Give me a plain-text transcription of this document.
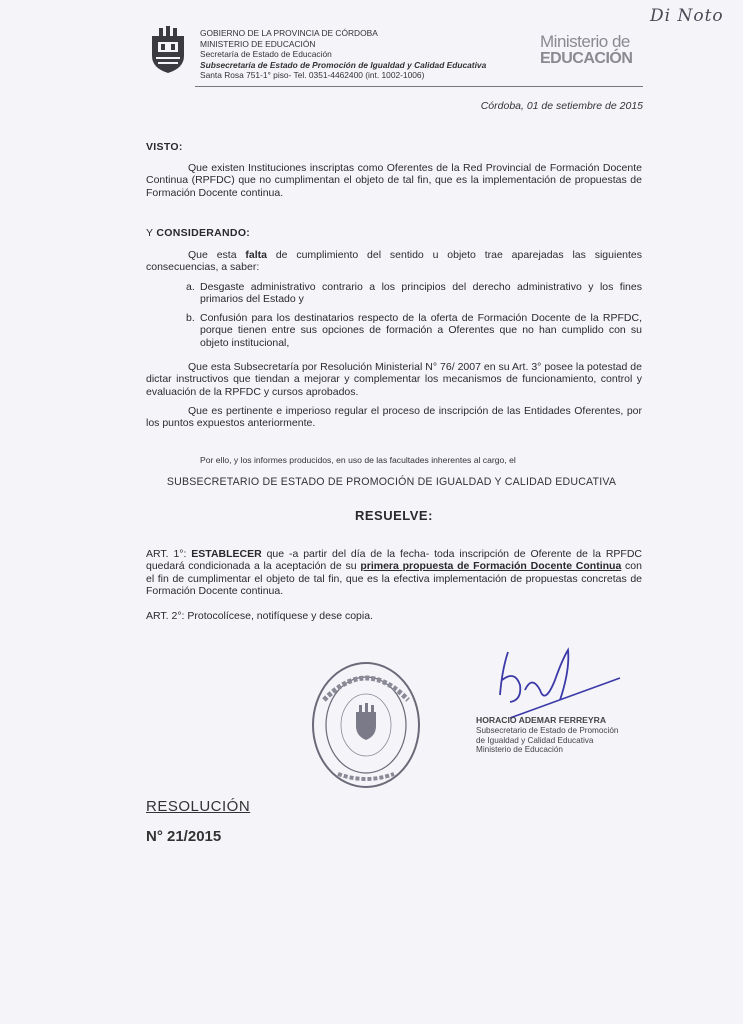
Di Noto
GOBIERNO DE LA PROVINCIA DE CÓRDOBA
MINISTERIO DE EDUCACIÓN
Secretaría de Estado de Educación
Subsecretaría de Estado de Promoción de Igualdad y Calidad Educativa
Santa Rosa 751-1° piso- Tel. 0351-4462400 (int. 1002-1006)
Ministerio de
EDUCACIÓN
Córdoba, 01 de setiembre de 2015
VISTO:
Que existen Instituciones inscriptas como Oferentes de la Red Provincial de Formación Docente Continua (RPFDC) que no cumplimentan el objeto de tal fin, que es la implementación de propuestas de Formación Docente continua.
Y CONSIDERANDO:
Que esta falta de cumplimiento del sentido u objeto trae aparejadas las siguientes consecuencias, a saber:
a. Desgaste administrativo contrario a los principios del derecho administrativo y los fines primarios del Estado y
b. Confusión para los destinatarios respecto de la oferta de Formación Docente de la RPFDC, porque tienen entre sus opciones de formación a Oferentes que no han cumplido con su objeto institucional,
Que esta Subsecretaría por Resolución Ministerial N° 76/ 2007 en su Art. 3° posee la potestad de dictar instructivos que tiendan a mejorar y complementar los mecanismos de funcionamiento, control y evaluación de la RPFDC y cursos aprobados.
Que es pertinente e imperioso regular el proceso de inscripción de las Entidades Oferentes, por los puntos expuestos anteriormente.
Por ello, y los informes producidos, en uso de las facultades inherentes al cargo, el
SUBSECRETARIO DE ESTADO DE PROMOCIÓN DE IGUALDAD Y CALIDAD EDUCATIVA
RESUELVE:
ART. 1°: ESTABLECER que -a partir del día de la fecha- toda inscripción de Oferente de la RPFDC quedará condicionada a la aceptación de su primera propuesta de Formación Docente Continua con el fin de cumplimentar el objeto de tal fin, que es la efectiva implementación de propuestas concretas de Formación Docente continua.
ART. 2°: Protocolícese, notifíquese y dese copia.
HORACIO ADEMAR FERREYRA
Subsecretario de Estado de Promoción
de Igualdad y Calidad Educativa
Ministerio de Educación
RESOLUCIÓN
N° 21/2015
